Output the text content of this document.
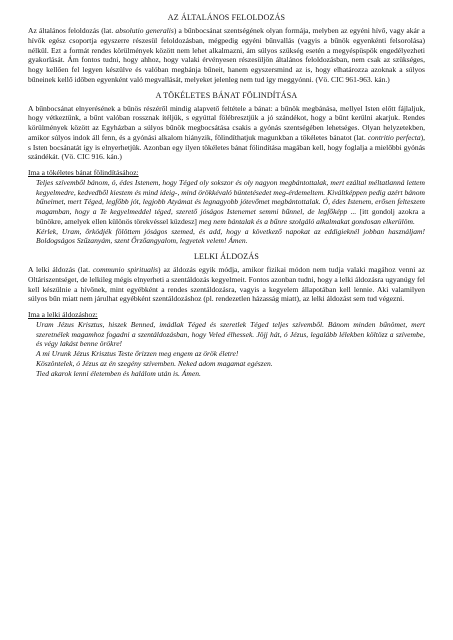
AZ ÁLTALÁNOS FELOLDOZÁS

Az általános feloldozás (lat. absolutio generalis) a bűnbocsánat szentségének olyan formája, melyben az egyéni hívő, vagy akár a hívők egész csoportja egyszerre részesül feloldozásban, mégpedig egyéni bűnvallás (vagyis a bűnök egyenkénti felsorolása) nélkül. Ezt a formát rendes körülmények között nem lehet alkalmazni, ám súlyos szükség esetén a megyéspüspök engedélyezheti gyakorlását. Ám fontos tudni, hogy ahhoz, hogy valaki érvényesen részesüljön általános feloldozásban, nem csak az szükséges, hogy kellően fel legyen készülve és valóban megbánja bűneit, hanem egyszersmind az is, hogy elhatározza azoknak a súlyos bűneinek kellő időben egyenként való megvallását, melyeket jelenleg nem tud így meggyónni. (Vö. CIC 961-963. kán.)

A TÖKÉLETES BÁNAT FÖLINDÍTÁSA

A bűnbocsánat elnyerésének a bűnös részéről mindig alapvető feltétele a bánat: a bűnök megbánása, mellyel Isten előtt fájlaljuk, hogy vétkeztünk, a bűnt valóban rossznak ítéljük, s egyúttal fölébresztjük a jó szándékot, hogy a bűnt kerülni akarjuk. Rendes körülmények között az Egyházban a súlyos bűnök megbocsátása csakis a gyónás szentségében lehetséges. Olyan helyzetekben, amikor súlyos indok áll fenn, és a gyónási alkalom hiányzik, fölindíthatjuk magunkban a tökéletes bánatot (lat. contritio perfecta), s Isten bocsánatát így is elnyerhetjük. Azonban egy ilyen tökéletes bánat fölindítása magában kell, hogy foglalja a mielőbbi gyónás szándékát. (Vö. CIC 916. kán.)

Ima a tökéletes bánat fölindításához:
Teljes szívemből bánom, ó, édes Istenem, hogy Téged oly sokszor és oly nagyon megbántottalak, mert ezáltal méltatlanná lettem kegyelmedre, kedvedből kiestem és mind ideig-, mind örökkévaló büntetésedet meg-érdemeltem. Kiváltképpen pedig azért bánom bűneimet, mert Téged, legfőbb jót, legjobb Atyámat és legnagyobb jótevőmet megbántottalak. Ó, édes Istenem, erősen felteszem magamban, hogy a Te kegyelmeddel téged, szerető jóságos Istenemet semmi bűnnel, de legfőképp ... [itt gondolj azokra a bűnökre, amelyek ellen különös törekvéssel küzdesz] meg nem bántalak és a bűnre szolgáló alkalmakat gondosan elkerülöm.
Kérlek, Uram, őrködjék fölöttem jóságos szemed, és add, hogy a következő napokat az eddigieknél jobban használjam! Boldogságos Szűzanyám, szent Őrzőangyalom, legyetek velem! Ámen.
LELKI ÁLDOZÁS

A lelki áldozás (lat. communio spiritualis) az áldozás egyik módja, amikor fizikai módon nem tudja valaki magához venni az Oltáriszentséget, de lelkileg mégis elnyerheti a szentáldozás kegyelmeit. Fontos azonban tudni, hogy a lelki áldozásra ugyanúgy fel kell készülnie a hívőnek, mint egyébként a rendes szentáldozásra, vagyis a kegyelem állapotában kell lennie. Aki valamilyen súlyos bűn miatt nem járulhat egyébként szentáldozáshoz (pl. rendezetlen házasság miatt), az lelki áldozást sem tud végezni.

Ima a lelki áldozáshoz:
Uram Jézus Krisztus, hiszek Benned, imádlak Téged és szeretlek Téged teljes szívemből. Bánom minden bűnömet, mert szeretnélek magamhoz fogadni a szentáldozásban, hogy Veled élhessek. Jöjj hát, ó Jézus, legalább lélekben költözz a szívembe, és végy lakást benne örökre!
A mi Urunk Jézus Krisztus Teste őrizzen meg engem az örök életre!
Köszöntelek, ó Jézus az én szegény szívemben. Neked adom magamat egészen.
Tied akarok lenni életemben és halálom után is. Ámen.
